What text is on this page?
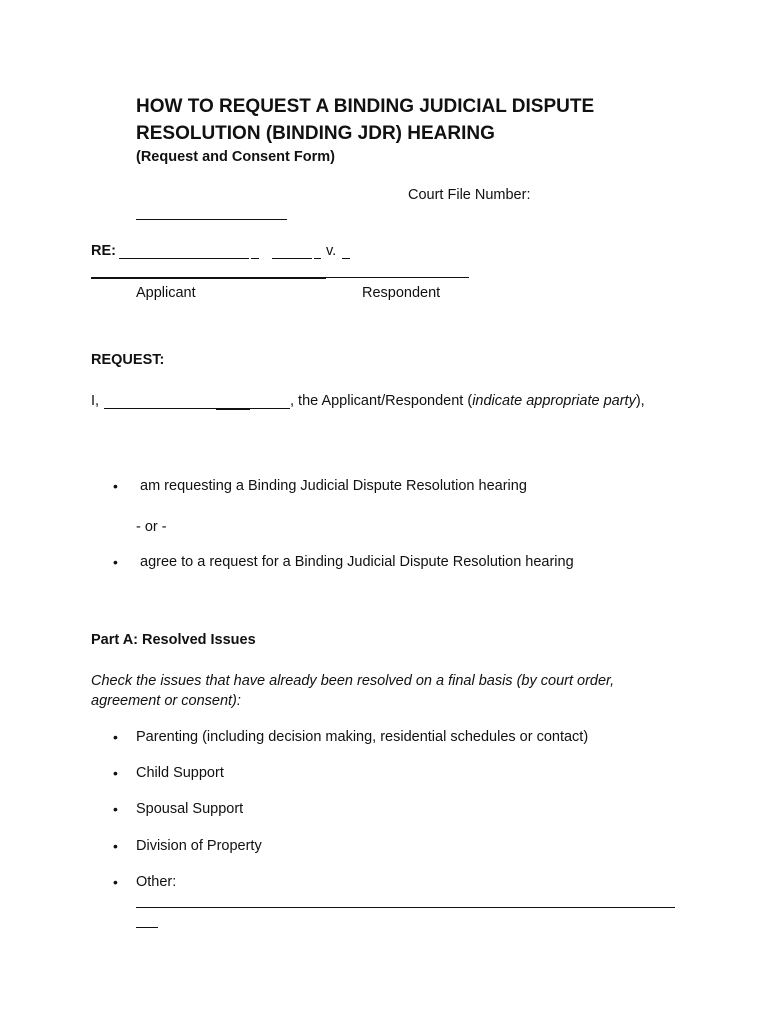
HOW TO REQUEST A BINDING JUDICIAL DISPUTE
RESOLUTION (BINDING JDR) HEARING
(Request and Consent Form)
Court File Number:
RE:	v.
Applicant	Respondent
REQUEST:
I,	, the Applicant/Respondent (indicate appropriate party),
• am requesting a Binding Judicial Dispute Resolution hearing
- or -
• agree to a request for a Binding Judicial Dispute Resolution hearing
Part A: Resolved Issues
Check the issues that have already been resolved on a final basis (by court order,
agreement or consent):
• Parenting (including decision making, residential schedules or contact)
• Child Support
• Spousal Support
• Division of Property
• Other:
